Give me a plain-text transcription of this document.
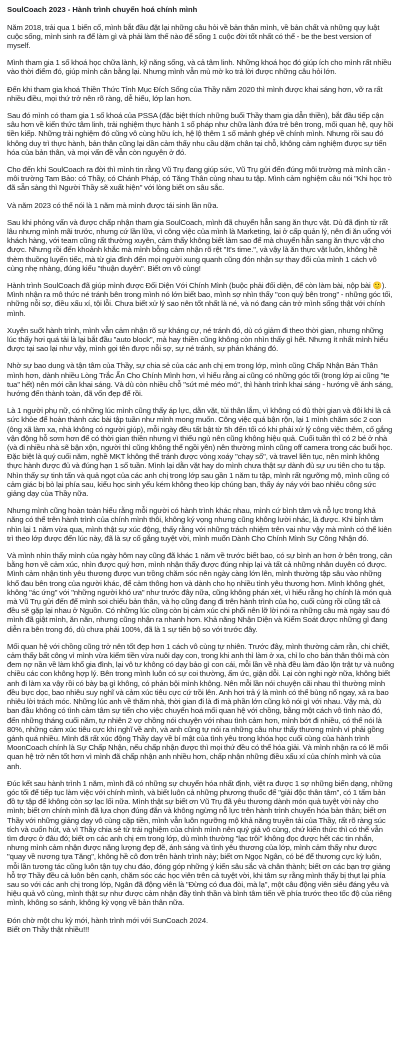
SoulCoach 2023 - Hành trình chuyển hoá chính mình

Năm 2018, trải qua 1 biến cố, mình bắt đầu đặt lại những câu hỏi về bản thân mình, về bản chất và những quy luật cuộc sống, mình sinh ra để làm gì và phải làm thế nào để sống 1 cuộc đời tốt nhất có thể - be the best version of myself.

Mình tham gia 1 số khoá học chữa lành, kỹ năng sống, và cả tâm linh. Những khoá học đó giúp ích cho mình rất nhiều vào thời điểm đó, giúp mình cân bằng lại. Nhưng mình vẫn mù mờ ko trả lời được những câu hỏi lớn.

Đến khi tham gia khoá Thiền Thức Tỉnh Mục Đích Sống của Thầy năm 2020 thì mình được khai sáng hơn, vỡ ra rất nhiều điều, mọi thứ trở nên rõ ràng, dễ hiểu, lớp lan hơn.

Sau đó mình có tham gia 1 số khoá của PSSA (đặc biệt thích những buổi Thầy tham gia dẫn thiền), bắt đầu tiếp cận sâu hơn về kiến thức tâm linh, trải nghiệm thực hành 1 số pháp như chữa lành đứa trẻ bên trong, mối quan hệ, quy hồi tiền kiếp. Những trải nghiệm đó cũng vô cùng hữu ích, hệ lộ thêm 1 số mảnh ghép về chính mình. Nhưng rồi sau đó không duy trì thực hành, bản thân cũng lại dần cảm thấy nhu cầu dặm chân tại chỗ, không cảm nghiệm được sự tiến hóa của bản thân, và mọi vấn đề vẫn còn nguyên ở đó.

Cho đến khi SoulCoach ra đời thì mình tin rằng Vũ Trụ đang giúp sức, Vũ Trụ gửi đến đúng môi trường mà mình cần - môi trường Tam Bảo: có Thầy, có Chánh Pháp, có Tăng Thân cùng nhau tu tập. Mình cảm nghiệm câu nói "Khi học trò đã sẵn sàng thì Người Thầy sẽ xuất hiện" với lòng biết ơn sâu sắc.

Và năm 2023 có thể nói là 1 năm mà mình được tái sinh lần nữa.

Sau khi phỏng vấn và được chấp nhận tham gia SoulCoach, mình đã chuyển hẳn sang ăn thực vật. Dù đã định từ rất lâu nhưng mình mãi trước, nhưng cứ lần lữa, vì công việc của mình là Marketing, lại ở cấp quản lý, nên đi ăn uống với khách hàng, với team cũng rất thường xuyên, cảm thấy không biết làm sao để mà chuyển hẳn sang ăn thực vật cho được. Nhưng rồi đến khoảnh khắc mà mình bỗng cảm nhận rõ rệt "It's time.", và vậy là ăn thực vật luôn, không hề thèm thuồng luyến tiếc, mà từ gia đình đến mọi người xung quanh cũng đón nhận sự thay đổi của mình 1 cách vô cùng nhẹ nhàng, đúng kiểu "thuận duyên". Biết ơn vô cùng!

Hành trình SoulCoach đã giúp mình được Đối Diện Với Chính Mình (buộc phải đối diện, để còn làm bài, nộp bài 🙂). Mình nhận ra mô thức né tránh bên trong mình nó lớn biết bao, mình sợ nhìn thấy "con quỷ bên trong" - những góc tối, những nỗi sợ, điều xấu xí, tội lỗi. Chưa biết xử lý sao nên tốt nhất là né, và nó đang cản trở mình sống thật với chính mình.

Xuyên suốt hành trình, mình vẫn cảm nhận rõ sự kháng cự, né tránh đó, dù có giảm đi theo thời gian, nhưng những lúc thấy hơi quá tải là lại bắt đầu "auto block", mà hay thiền cũng không còn nhìn thấy gì hết. Nhưng ít nhất mình hiểu được tại sao lại như vậy, mình gọi tên được nỗi sợ, sự né tránh, sự phản kháng đó.

Nhờ sự bao dung và tận tâm của Thầy, sự chia sẻ của các anh chị em trong lớp, mình cũng Chấp Nhận Bản Thân mình hơn, dành nhiều Lòng Trắc Ẩn Cho Chính Mình hơn, vì hiểu rằng ai cũng có những góc tối (trong lớp ai cũng "te tua" hết) nên mới cần khai sáng. Và dù còn nhiều chỗ "sứt mẻ méo mó", thì hành trình khai sáng - hướng về ánh sáng, hướng đến thành toàn, đã vốn đẹp để rồi.

Là 1 người phụ nữ, có những lúc mình cũng thấy áp lực, dằn vặt, tủi thân lắm, vì không có đủ thời gian và đôi khi là cả sức khỏe để hoàn thành các bài tập tuần như mình mong muốn. Công việc quá bận rộn, lại 1 mình chăm sóc 2 con (ông xã làm xa, nhà không có người giúp), mỗi ngày đều tất bật từ 5h đến tối có khi phải xử lý công việc thêm, cố gắng vận động hỗ sơm hơn để có thời gian thiền nhưng vì thiếu ngủ nên cũng không hiệu quả. Cuối tuần thì có 2 bé ở nhà (và đi nhiều nhà sẽ bận xộn, người thì cũng không thể ngồi yên) nên thường mình cũng off camera trong các buổi học. Đặc biệt là quý cuối năm, nghề MKT không thể tránh được vòng xoáy "chạy số", và travel liên tục, nên mình không thực hành được đủ và đúng hạn 1 số tuần. Mình lại dằn vặt hay do mình chưa thật sự dành đủ sự ưu tiên cho tu tập. Nhìn thấy sự tinh tấn và quả ngọt của các anh chị trong lớp sau gần 1 năm tu tập, mình rất ngưỡng mộ, mình cũng có cảm giác bị bỏ lại phía sau, kiểu học sinh yếu kém không theo kịp chúng bạn, thấy áy náy với bao nhiêu công sức giảng dạy của Thầy nữa.

Nhưng mình cũng hoàn toàn hiểu rằng mỗi người có hành trình khác nhau, mình cứ bình tâm và nỗ lực trong khả năng có thể trên hành trình của chính mình thôi, không ký vọng nhưng cũng không lười nhác, là được. Khi bình tâm nhìn lại 1 năm vừa qua, mình thật sự xúc động, thấy rằng với những trách nhiệm trên vai như vậy mà mình có thể kiên trì theo lớp được đến lúc này, đã là sự cố gắng tuyệt vời, mình muốn Dành Cho Chính Mình Sự Công Nhận đó.

Và mình nhìn thấy mình của ngày hôm nay cũng đã khác 1 năm về trước biết bao, có sự bình an hơn ở bên trong, cân bằng hơn về cảm xúc, nhìn được quý hơn, mình nhận thấy được đúng nhịp lại và tất cả những nhân duyên có được. Mình cảm nhận tinh yêu thương được vun trồng chăm sóc nên ngày càng lớn lên, mình thường tập sâu vào những khổ đau bên trong của người khác, để cảm thông hơn và dành cho họ nhiều tình yêu thương hơn. Mình không ghét, không "ác ứng" với "những người khó ưa" như trước đây nữa, cũng không phán xét, vì hiểu rằng họ chính là món quà mà Vũ Trụ gửi đến để mình soi chiếu bản thân, và họ cũng đang đi trên hành trình của họ, cuối cùng rồi cũng tất cả đều sẽ gặp lại nhau ở Nguồn. Có những lúc cũng còn bị cảm xúc chi phối nên lỡ lời nói ra những câu mà ngày sau đó mình đã giật mình, ăn năn, nhưng cũng nhận ra nhanh hơn. Khả năng Nhận Diện và Kiểm Soát được những gì đang diễn ra bên trong đó, dù chưa phải 100%, đã là 1 sự tiến bộ so với trước đây.

Mối quan hệ với chồng cũng trở nên tốt đẹp hơn 1 cách vô cùng tự nhiên. Trước đây, mình thường cảm rằn, chi chiết, cảm thấy bất công vì mình vừa kiếm tiền vừa nuôi dạy con, trong khi anh thì làm ở xa, chỉ lo cho bản thân thôi mà còn đem nợ nần về làm khổ gia đình, lại vô tư không có dạy bảo gì con cái, mỗi lần về nhà đều làm đảo lộn trật tự và nuông chiều các con không hợp lý. Bên trong mình luôn có sự coi thường, ấm ức, giận dỗi. Lại còn nghi ngờ nữa, không biết anh đi làm xa vậy rồi có bày bạ gì không, có phản bội mình không. Nên mỗi lần nói chuyện cãi nhau thì thường mình đều bực dọc, bao nhiêu suy nghĩ và cảm xúc tiêu cực cứ trồi lên. Anh hơi trả ý là mình có thể bùng nổ ngay, xả ra bao nhiêu lời trách móc. Những lúc anh về thăm nhà, thời gian đi là đi mà phần lớn cũng kỏ nói gì với nhau. Vậy mà, dù ban đầu không có tình cảm tâm sự tiến cho việc chuyển hoá mối quan hệ với chồng, bằng một cách vô tình nào đó, đến những tháng cuối năm, tự nhiên 2 vợ chồng nói chuyện với nhau tình cảm hơn, mình bớt đi nhiều, có thể nói là 80%, những cảm xúc tiêu cực khi nghĩ về anh, và anh cũng tự nói ra những câu như thấy thương mình vì phải gồng gánh quá nhiều. Mình đã rất xúc động Thầy dạy về bí mật của tình yêu trong khóa học cuối cùng của hành trình MoonCoach chính là Sự Chấp Nhận, nếu chấp nhận được thì mọi thứ đều có thể hóa giải. Và mình nhận ra có lẽ mối quan hệ trở nên tốt hơn vì mình đã chấp nhận anh nhiều hơn, chấp nhận những điều xấu xí của chính mình và của anh.

Đúc kết sau hành trình 1 năm, mình đã có những sự chuyển hóa nhất định, việt ra được 1 sợ những biến dạng, những góc tối để tiếp tục làm việc với chính mình, và biết luôn cả những phương thuốc để "giải độc thân tâm", có 1 tấm bản đồ tự tập để không còn sợ lạc lối nữa. Mình thật sự biết ơn Vũ Trụ đã yêu thương dành món quà tuyệt vời này cho mình; biết ơn chính mình đã lựa chọn đúng đắn và không ngừng nỗ lực trên hành trình chuyển hóa bản thân; biết ơn Thầy với những giảng dạy vô cùng cặp tiền, mình vẫn luôn ngưỡng mộ khả năng truyền tải của Thầy, rất rõ ràng súc tích và cuốn hút, và vì Thầy chia sẻ từ trải nghiệm của chính mình nên quý giá vô cùng, chứ kiến thức thì có thể vẫn tìm được ở đâu đó; biết ơn các anh chị em trong lớp, dù mình thường "lạc trôi" không đọc được hết các tin nhắn, nhưng mình cảm nhận được năng lượng đẹp đẽ, ánh sáng và tình yêu thương của lớp, mình cảm thấy như được "quay về nương tựa Tăng", không hề cô đơn trên hành trình này; biết ơn Ngọc Ngân, có bé để thương cực kỳ luôn, mỗi lần tương tác cũng luôn tận tụy chu đáo, đóng góp những ý kiến sâu sắc và chân thành; biết ơn các bạn trợ giảng hỗ trợ Thầy đều cả luôn bên cạnh, chăm sóc các học viên trên cả tuyệt vời, khi tâm sự rằng mình thấy bị thụt lại phía sau so với các anh chị trong lớp, Ngân đã động viên là "Đừng có đua đòi, mà lạ", một câu động viên siêu đáng yêu và hiệu quả vô cùng, mình thật sự như được cảm nhận đầy tình thần và bình tâm tiến về phía trước theo tốc độ của riêng mình, không so sánh, không kỳ vọng về bản thân nữa.

Đón chờ một chu kỳ mới, hành trình mới với SunCoach 2024.

Biết ơn Thầy thật nhiều!!!
